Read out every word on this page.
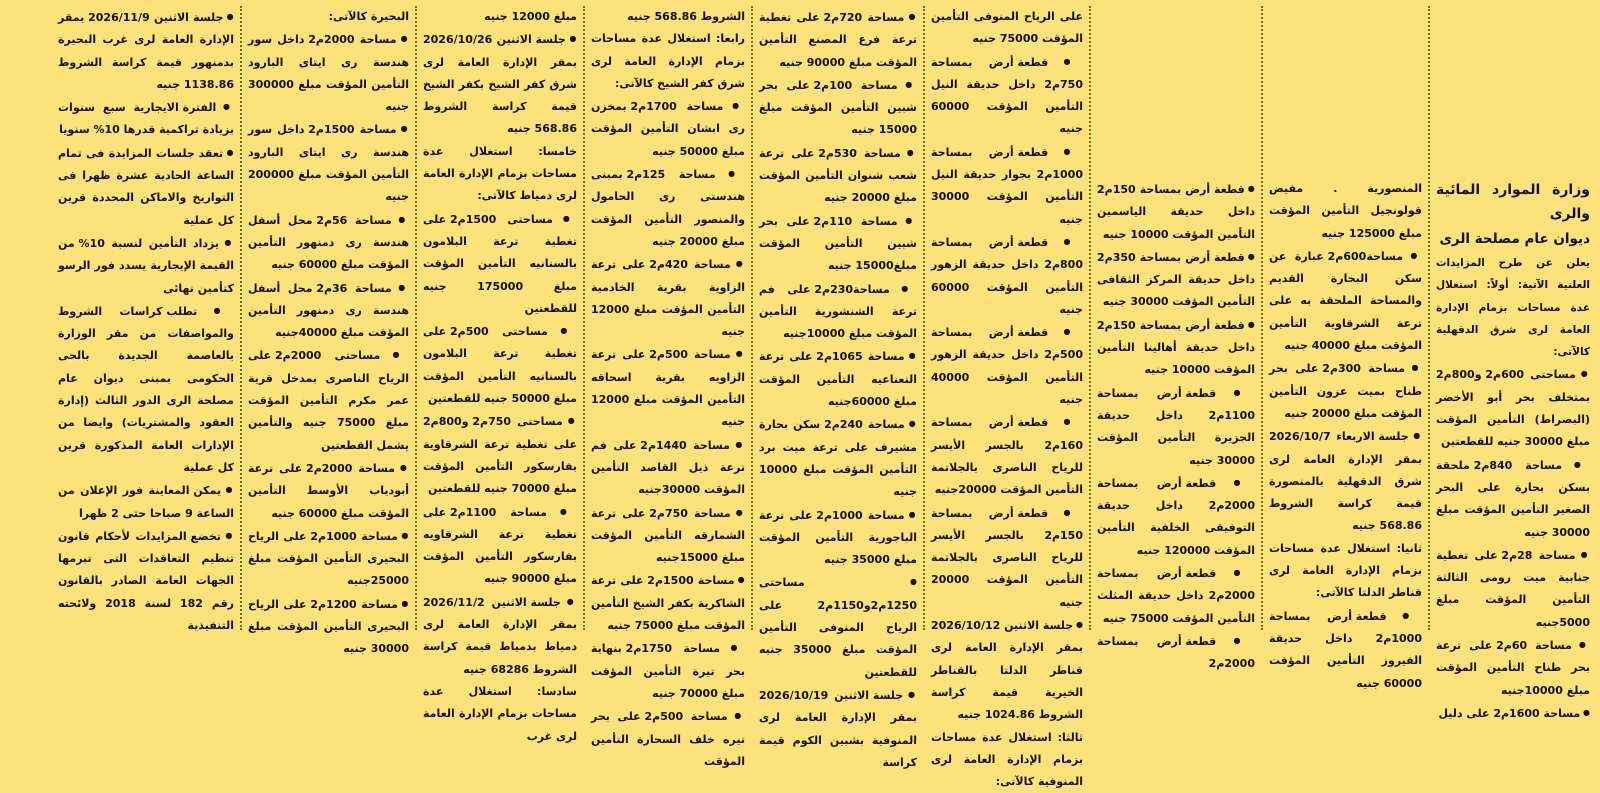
وزارة الموارد المائية والرى

ديوان عام مصلحة الرى

يعلن عن طرح المزايدات العلنية الآتية: أولاً: استغلال عدة مساحات بزمام الإدارة العامة لرى شرق الدقهلية كالآتى:

● مساحتى 600م2 و800م2 بمتخلف بحر أبو الأخضر (البصراط) التأمين المؤقت مبلغ 30000 جنيه للقطعتين

● مساحة 840م2 ملحقة بسكن بحارة على البحر الصغير التأمين المؤقت مبلغ 30000 جنيه

● مساحة 28م2 على تغطية جنابية ميت رومى الثالثة التأمين المؤقت مبلغ 5000جنيه

● مساحة 60م2 على ترعة بحر طناح التأمين المؤقت مبلغ 10000جنيه

● مساحة 1600م2 على دليل

المنصورية . مفيض قولونجيل التأمين المؤقت مبلغ 125000 جنيه

● مساحة600م2 عبارة عن سكن البحارة القديم والمساحة الملحقة به على ترعة الشرقاوية التأمين المؤقت مبلغ 40000 جنيه

● مساحة 300م2 على بحر طناح بميت عزون التأمين المؤقت مبلغ 20000 جنيه

● جلسة الاربعاء 2026/10/7 بمقر الإدارة العامة لرى شرق الدقهلية بالمنصورة قيمة كراسة الشروط 568.86 جنيه

ثانيا: استغلال عدة مساحات بزمام الإدارة العامة لرى قناطر الدلتا كالآتى:

● قطعة أرض بمساحة 1000م2 داخل حديقة الفيروز التأمين المؤقت 60000 جنيه

● قطعة أرض بمساحة 150م2 داخل حديقة الياسمين التأمين المؤقت 10000 جنيه

● قطعة أرض بمساحة 350م2 داخل حديقة المركز الثقافى التأمين المؤقت 30000 جنيه

● قطعة أرض بمساحة 150م2 داخل حديقة أهالينا التأمين المؤقت 10000 جنيه

● قطعة أرض بمساحة 1100م2 داخل حديقة الجزيرة التأمين المؤقت 30000 جنيه

● قطعة أرض بمساحة 2000م2 داخل حديقة التوفيقى الخلفية التأمين المؤقت 120000 جنيه

● قطعة أرض بمساحة 2000م2 داخل حديقة المثلث التأمين المؤقت 75000 جنيه

● قطعة أرض بمساحة 2000م2

على الرياح المنوفى التأمين المؤقت 75000 جنيه

● قطعة أرض بمساحة 750م2 داخل حديقة النيل التأمين المؤقت 60000 جنيه

● قطعة أرض بمساحة 1000م2 بجوار حديقة النيل التأمين المؤقت 30000 جنيه

● قطعة أرض بمساحة 800م2 داخل حديقة الزهور التأمين المؤقت 60000 جنيه

● قطعة أرض بمساحة 500م2 داخل حديقة الزهور التأمين المؤقت 40000 جنيه

● قطعة أرض بمساحة 160م2 بالجسر الأيسر للرياح الناصرى بالجلاتمة التأمين المؤقت 20000جنيه

● قطعة أرض بمساحة 150م2 بالجسر الأيسر للرياح الناصرى بالجلاتمة التأمين المؤقت 20000 جنيه

● جلسة الاثنين 2026/10/12 بمقر الإدارة العامة لرى قناطر الدلتا بالقناطر الخيرية قيمة كراسة الشروط 1024.86 جنيه

ثالثا: استغلال عدة مساحات بزمام الإدارة العامة لرى المنوفية كالآتى:

● مساحة 720م2 على تغطية ترعة فرع المصنع التأمين المؤقت مبلغ 90000 جنيه

● مساحة 100م2 على بحر شبين التأمين المؤقت مبلغ 15000 جنيه

● مساحة 530م2 على ترعة شعب شنوان التأمين المؤقت مبلغ 20000 جنيه

● مساحة 110م2 على بحر شبين التأمين المؤقت مبلغ15000 جنيه

● مساحة230م2 على فم ترعة الشنشورية التأمين المؤقت مبلغ 10000جنيه

● مساحة 1065م2 على ترعة النعناعيه التأمين المؤقت مبلغ 60000جنيه

● مساحة 240م2 سكن بحارة مشيرف على ترعة ميت برد التأمين المؤقت مبلغ 10000 جنيه

● مساحة 1000م2 على ترعة الباجورية التأمين المؤقت مبلغ 35000 جنيه

● مساحتى 1250م2و1150م2 على الرياح المنوفى التأمين المؤقت مبلغ 35000 جنيه للقطعتين

● جلسة الاثنين 2026/10/19 بمقر الإدارة العامة لرى المنوفية بشبين الكوم قيمة كراسة

الشروط 568.86 جنيه

رابعا: استغلال عدة مساحات بزمام الإدارة العامة لرى شرق كفر الشيخ كالآتى:

● مساحة 1700م2 بمخزن رى ابشان التأمين المؤقت مبلغ 50000 جنيه

● مساحة 125م2 بمبنى هندستى رى الحامول والمنصور التأمين المؤقت مبلغ 20000 جنيه

● مساحة 420م2 على ترعة الزاوية بقرية الخادمية التأمين المؤقت مبلغ 12000 جنيه

● مساحة 500م2 على ترعة الزاويه بقرية اسحاقه التأمين المؤقت مبلغ 12000 جنيه

● مساحة 1440م2 على فم ترعة ذيل القاصد التأمين المؤقت 30000جنيه

● مساحة 750م2 على ترعة الشمارقه التأمين المؤقت مبلغ 15000جنيه

● مساحة 1500م2 على ترعة الشاكرية بكفر الشيخ التأمين المؤقت مبلغ 75000 جنيه

● مساحة 1750م2 بنهاية بحر تيرة التأمين المؤقت مبلغ 70000 جنيه

● مساحة 500م2 على بحر تيره خلف السحارة التأمين المؤقت

مبلغ 12000 جنيه

● جلسة الاثنين 2026/10/26 بمقر الإدارة العامة لرى شرق كفر الشيخ بكفر الشيخ قيمة كراسة الشروط 568.86 جنيه

خامسا: استغلال عدة مساحات بزمام الإدارة العامة لرى دمياط كالآتى:

● مساحتى 1500م2 على تغطية ترعة البلامون بالسنانيه التأمين المؤقت مبلغ 175000 جنيه للقطعتين

● مساحتى 500م2 على تغطية ترعة البلامون بالسنانيه التأمين المؤقت مبلغ 50000 جنيه للقطعتين

● مساحتى 750م2 و800م2 على تغطية ترعة الشرقاوية بفارسكور التأمين المؤقت مبلغ 70000 جنيه للقطعتين

● مساحة 1100م2 على تغطية ترعة الشرقاويه بفارسكور التأمين المؤقت مبلغ 90000 جنيه

● جلسة الاثنين 2026/11/2 بمقر الإدارة العامة لرى دمياط بدمياط قيمة كراسة الشروط 68286 جنيه

سادسا: استغلال عدة مساحات بزمام الإدارة العامة لرى غرب

البحيرة كالآتى:

● مساحة 2000م2 داخل سور هندسة رى ايتاى البارود التأمين المؤقت مبلغ 300000 جنيه

● مساحة 1500م2 داخل سور هندسة رى ايتاى البارود التأمين المؤقت مبلغ 200000 جنيه

● مساحة 56م2 محل أسفل هندسة رى دمنهور التأمين المؤقت مبلغ 60000 جنيه

● مساحة 36م2 محل أسفل هندسة رى دمنهور التأمين المؤقت مبلغ 40000جنيه

● مساحتى 2000م2 على الرياح الناصرى بمدخل قرية عمر مكرم التأمين المؤقت مبلغ 75000 جنيه والتأمين يشمل القطعتين

● مساحة 2000م2 على ترعة أبودياب الأوسط التأمين المؤقت مبلغ 60000 جنيه

● مساحة 1000م2 على الرياح البحيرى التأمين المؤقت مبلغ 25000جنيه

● مساحة 1200م2 على الرياح البحيرى التأمين المؤقت مبلغ 30000 جنيه

● جلسة الاثنين 2026/11/9 بمقر الإدارة العامة لرى غرب البحيرة بدمنهور قيمة كراسة الشروط 1138.86 جنيه

● الفترة الايجارية سبع سنوات بزيادة تراكمية قدرها 10% سنويا

● تعقد جلسات المزايدة فى تمام الساعة الحادية عشرة ظهرا فى التواريخ والاماكن المحددة قرين كل عملية

● يزداد التأمين لنسبة 10% من القيمة الإيجارية يسدد فور الرسو كتأمين نهائى

● تطلب كراسات الشروط والمواصفات من مقر الوزارة بالعاصمة الجديدة بالحى الحكومى بمبنى ديوان عام مصلحة الرى الدور الثالث (إدارة العقود والمشتريات) وايضا من الإدارات العامة المذكورة قرين كل عملية

● يمكن المعاينة فور الإعلان من الساعة 9 صباحا حتى 2 ظهرا

● تخضع المزايدات لأحكام قانون تنظيم التعاقدات التى تبرمها الجهات العامة الصادر بالقانون رقم 182 لسنة 2018 ولائحته التنفيذية
